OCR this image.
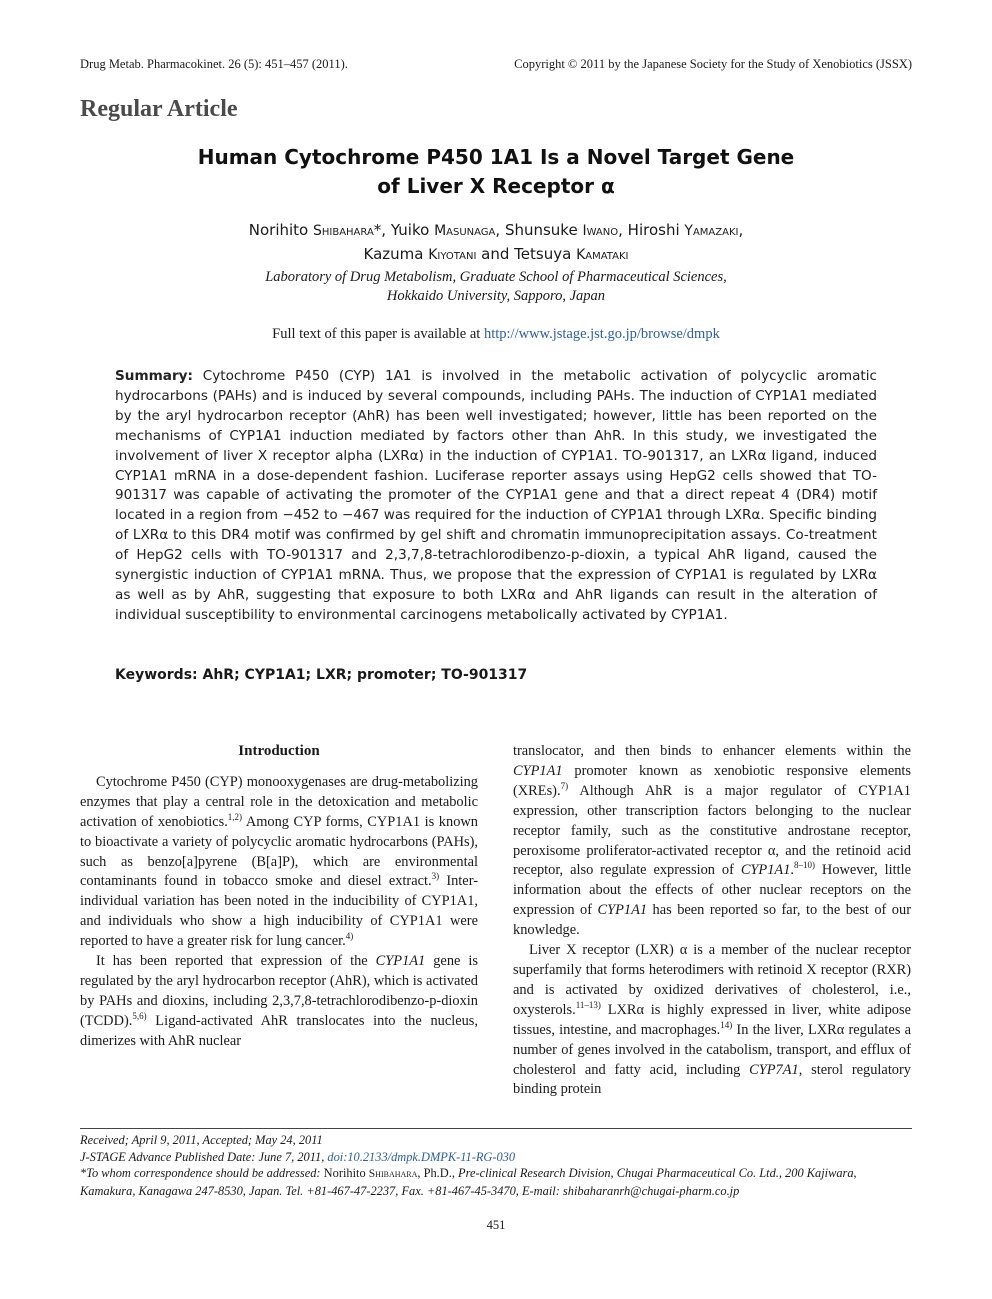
Drug Metab. Pharmacokinet. 26 (5): 451–457 (2011).	Copyright © 2011 by the Japanese Society for the Study of Xenobiotics (JSSX)
Regular Article
Human Cytochrome P450 1A1 Is a Novel Target Gene
of Liver X Receptor α
Norihito Shibahara*, Yuiko Masunaga, Shunsuke Iwano, Hiroshi Yamazaki,
Kazuma Kiyotani and Tetsuya Kamataki
Laboratory of Drug Metabolism, Graduate School of Pharmaceutical Sciences,
Hokkaido University, Sapporo, Japan
Full text of this paper is available at http://www.jstage.jst.go.jp/browse/dmpk
Summary: Cytochrome P450 (CYP) 1A1 is involved in the metabolic activation of polycyclic aromatic hydrocarbons (PAHs) and is induced by several compounds, including PAHs. The induction of CYP1A1 mediated by the aryl hydrocarbon receptor (AhR) has been well investigated; however, little has been reported on the mechanisms of CYP1A1 induction mediated by factors other than AhR. In this study, we investigated the involvement of liver X receptor alpha (LXRα) in the induction of CYP1A1. TO-901317, an LXRα ligand, induced CYP1A1 mRNA in a dose-dependent fashion. Luciferase reporter assays using HepG2 cells showed that TO-901317 was capable of activating the promoter of the CYP1A1 gene and that a direct repeat 4 (DR4) motif located in a region from −452 to −467 was required for the induction of CYP1A1 through LXRα. Specific binding of LXRα to this DR4 motif was confirmed by gel shift and chromatin immunoprecipitation assays. Co-treatment of HepG2 cells with TO-901317 and 2,3,7,8-tetrachlorodibenzo-p-dioxin, a typical AhR ligand, caused the synergistic induction of CYP1A1 mRNA. Thus, we propose that the expression of CYP1A1 is regulated by LXRα as well as by AhR, suggesting that exposure to both LXRα and AhR ligands can result in the alteration of individual susceptibility to environmental carcinogens metabolically activated by CYP1A1.
Keywords: AhR; CYP1A1; LXR; promoter; TO-901317
Introduction

Cytochrome P450 (CYP) monooxygenases are drug-metabolizing enzymes that play a central role in the detoxication and metabolic activation of xenobiotics.$^{1,2)}$ Among CYP forms, CYP1A1 is known to bioactivate a variety of polycyclic aromatic hydrocarbons (PAHs), such as benzo[a]pyrene (B[a]P), which are environmental contaminants found in tobacco smoke and diesel extract.$^{3)}$ Inter-individual variation has been noted in the inducibility of CYP1A1, and individuals who show a high inducibility of CYP1A1 were reported to have a greater risk for lung cancer.$^{4)}$

It has been reported that expression of the CYP1A1 gene is regulated by the aryl hydrocarbon receptor (AhR), which is activated by PAHs and dioxins, including 2,3,7,8-tetrachlorodibenzo-p-dioxin (TCDD).$^{5,6)}$ Ligand-activated AhR translocates into the nucleus, dimerizes with AhR nuclear

translocator, and then binds to enhancer elements within the CYP1A1 promoter known as xenobiotic responsive elements (XREs).$^{7)}$ Although AhR is a major regulator of CYP1A1 expression, other transcription factors belonging to the nuclear receptor family, such as the constitutive androstane receptor, peroxisome proliferator-activated receptor α, and the retinoid acid receptor, also regulate expression of CYP1A1.$^{8-10)}$ However, little information about the effects of other nuclear receptors on the expression of CYP1A1 has been reported so far, to the best of our knowledge.

Liver X receptor (LXR) α is a member of the nuclear receptor superfamily that forms heterodimers with retinoid X receptor (RXR) and is activated by oxidized derivatives of cholesterol, i.e., oxysterols.$^{11-13)}$ LXRα is highly expressed in liver, white adipose tissues, intestine, and macrophages.$^{14)}$ In the liver, LXRα regulates a number of genes involved in the catabolism, transport, and efflux of cholesterol and fatty acid, including CYP7A1, sterol regulatory binding protein

Received; April 9, 2011, Accepted; May 24, 2011
J-STAGE Advance Published Date: June 7, 2011, doi:10.2133/dmpk.DMPK-11-RG-030
*To whom correspondence should be addressed: Norihito Shibahara, Ph.D., Pre-clinical Research Division, Chugai Pharmaceutical Co. Ltd., 200 Kajiwara, Kamakura, Kanagawa 247-8530, Japan. Tel. +81-467-47-2237, Fax. +81-467-45-3470, E-mail: shibaharanrh@chugai-pharm.co.jp
451
